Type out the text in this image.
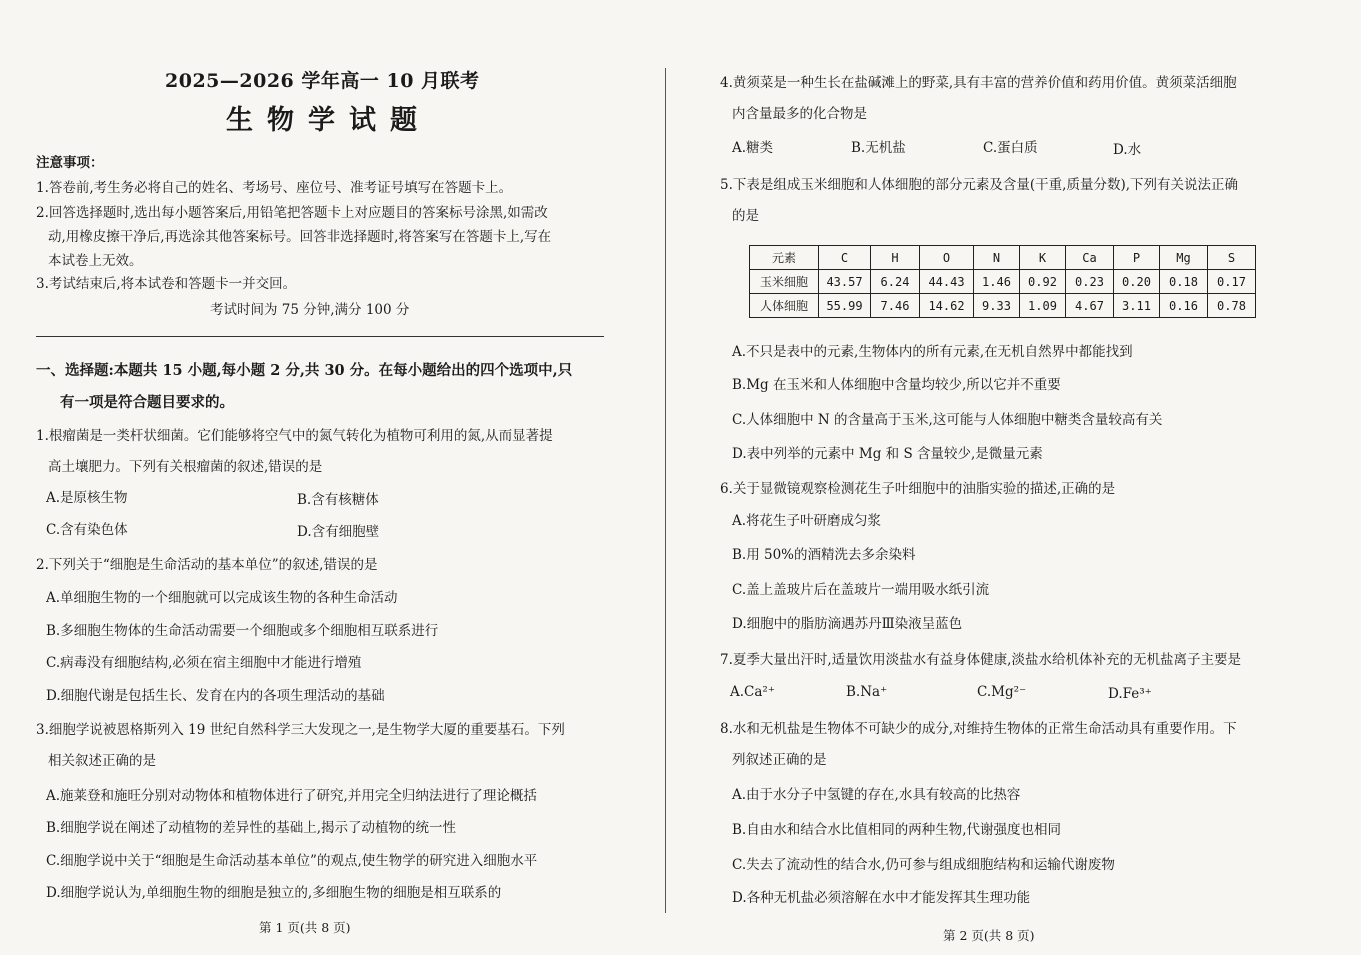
2025—2026 学年高一 10 月联考
生物学试题
注意事项：
1.答卷前,考生务必将自己的姓名、考场号、座位号、准考证号填写在答题卡上。
2.回答选择题时,选出每小题答案后,用铅笔把答题卡上对应题目的答案标号涂黑,如需改
动,用橡皮擦干净后,再选涂其他答案标号。回答非选择题时,将答案写在答题卡上,写在
本试卷上无效。
3.考试结束后,将本试卷和答题卡一并交回。
考试时间为 75 分钟,满分 100 分
一、选择题:本题共 15 小题,每小题 2 分,共 30 分。在每小题给出的四个选项中,只
有一项是符合题目要求的。
1.根瘤菌是一类杆状细菌。它们能够将空气中的氮气转化为植物可利用的氮,从而显著提
高土壤肥力。下列有关根瘤菌的叙述,错误的是
A.是原核生物	B.含有核糖体
C.含有染色体	D.含有细胞壁
2.下列关于“细胞是生命活动的基本单位”的叙述,错误的是
A.单细胞生物的一个细胞就可以完成该生物的各种生命活动
B.多细胞生物体的生命活动需要一个细胞或多个细胞相互联系进行
C.病毒没有细胞结构,必须在宿主细胞中才能进行增殖
D.细胞代谢是包括生长、发育在内的各项生理活动的基础
3.细胞学说被恩格斯列入 19 世纪自然科学三大发现之一,是生物学大厦的重要基石。下列
相关叙述正确的是
A.施莱登和施旺分别对动物体和植物体进行了研究,并用完全归纳法进行了理论概括
B.细胞学说在阐述了动植物的差异性的基础上,揭示了动植物的统一性
C.细胞学说中关于“细胞是生命活动基本单位”的观点,使生物学的研究进入细胞水平
D.细胞学说认为,单细胞生物的细胞是独立的,多细胞生物的细胞是相互联系的
第 1 页(共 8 页)
4.黄须菜是一种生长在盐碱滩上的野菜,具有丰富的营养价值和药用价值。黄须菜活细胞
内含量最多的化合物是
A.糖类	B.无机盐	C.蛋白质	D.水
5.下表是组成玉米细胞和人体细胞的部分元素及含量(干重,质量分数),下列有关说法正确
的是
元素	C	H	O	N	K	Ca	P	Mg	S
玉米细胞	43.57	6.24	44.43	1.46	0.92	0.23	0.20	0.18	0.17
人体细胞	55.99	7.46	14.62	9.33	1.09	4.67	3.11	0.16	0.78
A.不只是表中的元素,生物体内的所有元素,在无机自然界中都能找到
B.Mg 在玉米和人体细胞中含量均较少,所以它并不重要
C.人体细胞中 N 的含量高于玉米,这可能与人体细胞中糖类含量较高有关
D.表中列举的元素中 Mg 和 S 含量较少,是微量元素
6.关于显微镜观察检测花生子叶细胞中的油脂实验的描述,正确的是
A.将花生子叶研磨成匀浆
B.用 50%的酒精洗去多余染料
C.盖上盖玻片后在盖玻片一端用吸水纸引流
D.细胞中的脂肪滴遇苏丹Ⅲ染液呈蓝色
7.夏季大量出汗时,适量饮用淡盐水有益身体健康,淡盐水给机体补充的无机盐离子主要是
A.Ca²⁺	B.Na⁺	C.Mg²⁻	D.Fe³⁺
8.水和无机盐是生物体不可缺少的成分,对维持生物体的正常生命活动具有重要作用。下
列叙述正确的是
A.由于水分子中氢键的存在,水具有较高的比热容
B.自由水和结合水比值相同的两种生物,代谢强度也相同
C.失去了流动性的结合水,仍可参与组成细胞结构和运输代谢废物
D.各种无机盐必须溶解在水中才能发挥其生理功能
第 2 页(共 8 页)
